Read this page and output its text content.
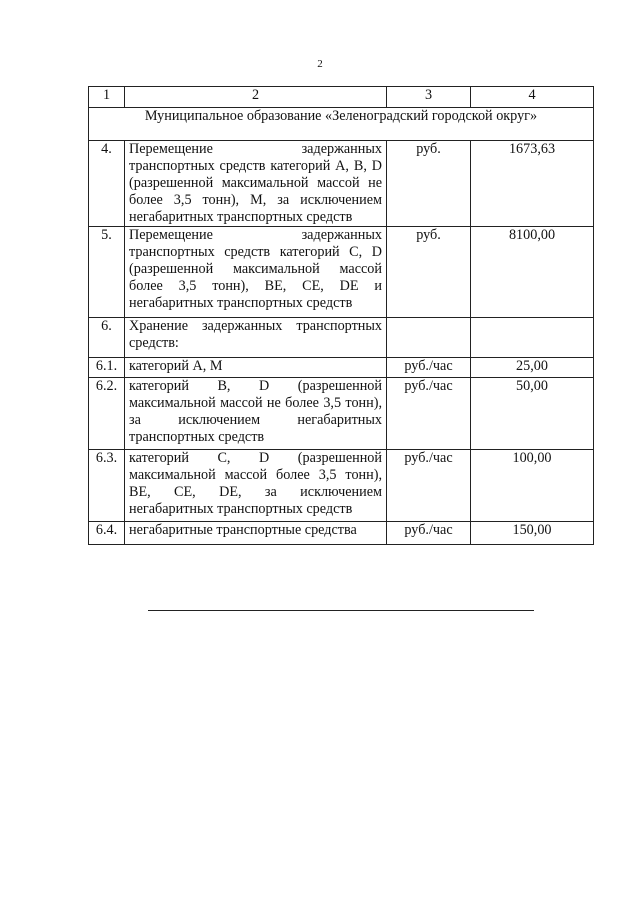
2
1	2	3	4
Муниципальное образование «Зеленоградский городской округ»			
4.	Перемещение задержанных транспортных средств категорий A, B, D (разрешенной максимальной массой не более 3,5 тонн), M, за исключением негабаритных транспортных средств	руб.	1673,63
5.	Перемещение задержанных транспортных средств категорий C, D (разрешенной максимальной массой более 3,5 тонн), BE, CE, DE и негабаритных транспортных средств	руб.	8100,00
6.	Хранение задержанных транспортных средств:		
6.1.	категорий A, M	руб./час	25,00
6.2.	категорий B, D (разрешенной максимальной массой не более 3,5 тонн), за исключением негабаритных транспортных средств	руб./час	50,00
6.3.	категорий C, D (разрешенной максимальной массой более 3,5 тонн), BE, CE, DE, за исключением негабаритных транспортных средств	руб./час	100,00
6.4.	негабаритные транспортные средства	руб./час	150,00
